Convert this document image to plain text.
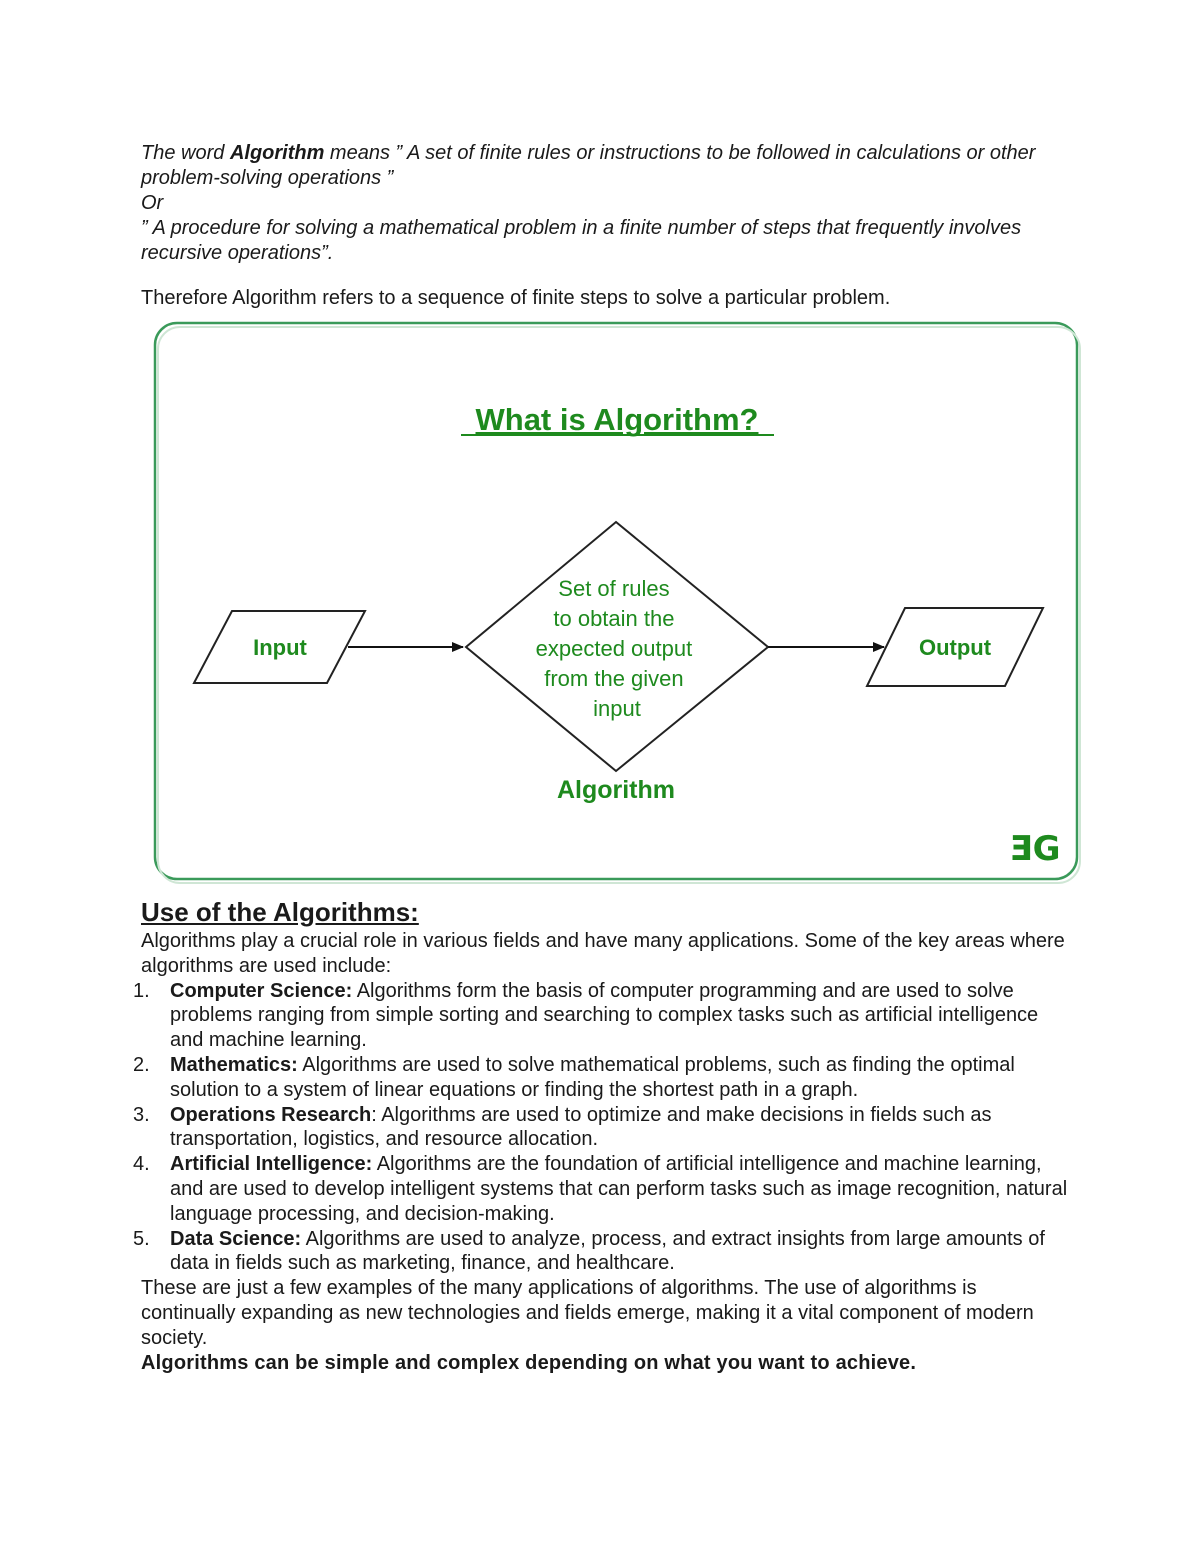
The word Algorithm means ” A set of finite rules or instructions to be followed in calculations or other problem-solving operations ”

Or

” A procedure for solving a mathematical problem in a finite number of steps that frequently involves recursive operations”.

Therefore Algorithm refers to a sequence of finite steps to solve a particular problem.

What is Algorithm?
Input
Set of rules to obtain the expected output from the given input
Output
Algorithm
ƎG
Use of the Algorithms:

Algorithms play a crucial role in various fields and have many applications. Some of the key areas where algorithms are used include:

1. Computer Science: Algorithms form the basis of computer programming and are used to solve problems ranging from simple sorting and searching to complex tasks such as artificial intelligence and machine learning.
2. Mathematics: Algorithms are used to solve mathematical problems, such as finding the optimal solution to a system of linear equations or finding the shortest path in a graph.
3. Operations Research: Algorithms are used to optimize and make decisions in fields such as transportation, logistics, and resource allocation.
4. Artificial Intelligence: Algorithms are the foundation of artificial intelligence and machine learning, and are used to develop intelligent systems that can perform tasks such as image recognition, natural language processing, and decision-making.
5. Data Science: Algorithms are used to analyze, process, and extract insights from large amounts of data in fields such as marketing, finance, and healthcare.

These are just a few examples of the many applications of algorithms. The use of algorithms is continually expanding as new technologies and fields emerge, making it a vital component of modern society.

Algorithms can be simple and complex depending on what you want to achieve.
